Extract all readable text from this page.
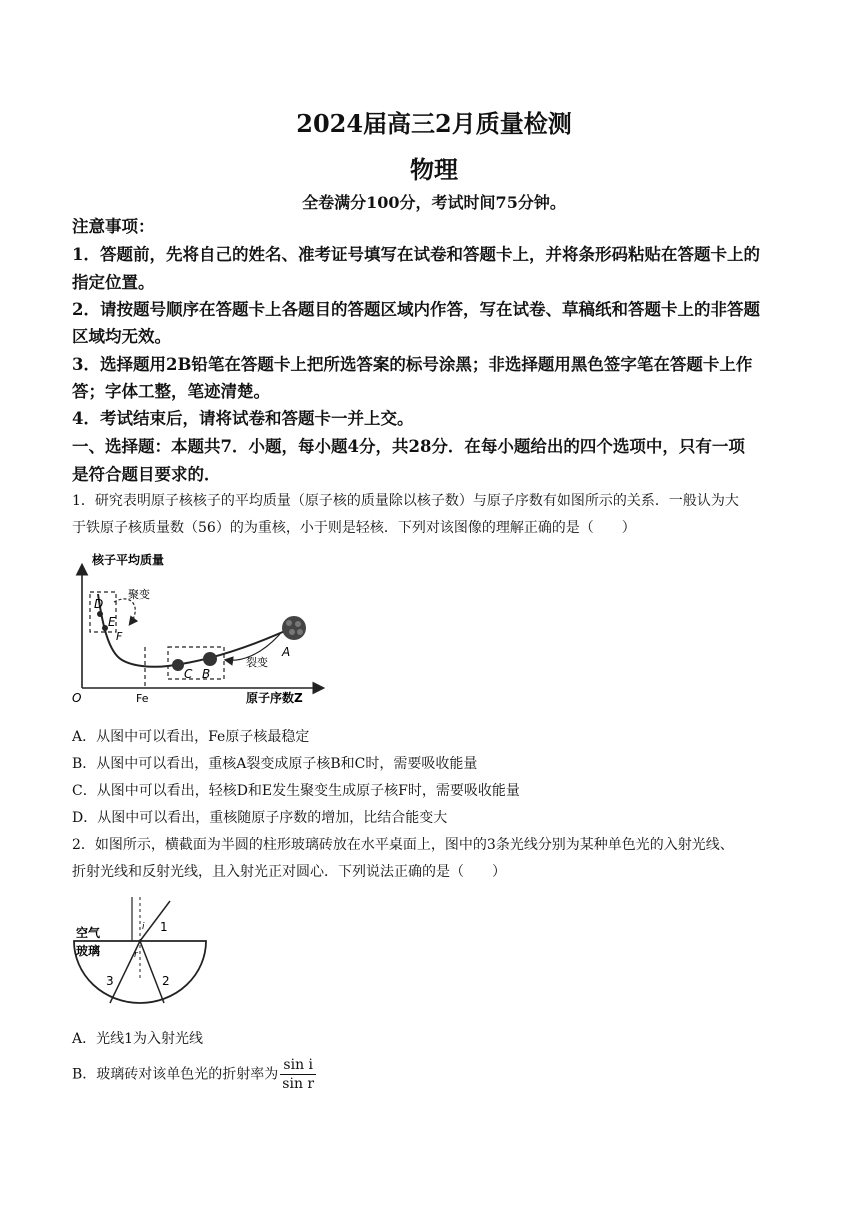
2024届高三2月质量检测
物理
全卷满分100分，考试时间75分钟。
注意事项：
1．答题前，先将自己的姓名、准考证号填写在试卷和答题卡上，并将条形码粘贴在答题卡上的
指定位置。
2．请按题号顺序在答题卡上各题目的答题区域内作答，写在试卷、草稿纸和答题卡上的非答题
区域均无效。
3．选择题用2B铅笔在答题卡上把所选答案的标号涂黑；非选择题用黑色签字笔在答题卡上作
答；字体工整，笔迹清楚。
4．考试结束后，请将试卷和答题卡一并上交。
一、选择题：本题共7．小题，每小题4分，共28分．在每小题给出的四个选项中，只有一项
是符合题目要求的．
1．研究表明原子核核子的平均质量（原子核的质量除以核子数）与原子序数有如图所示的关系．一般认为大
于铁原子核质量数（56）的为重核，小于则是轻核．下列对该图像的理解正确的是（　　）
核子平均质量
原子序数Z
O	Fe
聚变
裂变
D
E
F
C B
A
A．从图中可以看出，Fe原子核最稳定
B．从图中可以看出，重核A裂变成原子核B和C时，需要吸收能量
C．从图中可以看出，轻核D和E发生聚变生成原子核F时，需要吸收能量
D．从图中可以看出，重核随原子序数的增加，比结合能变大
2．如图所示，横截面为半圆的柱形玻璃砖放在水平桌面上，图中的3条光线分别为某种单色光的入射光线、
折射光线和反射光线，且入射光正对圆心．下列说法正确的是（　　）
空气
玻璃
1
2
3
i
r
A．光线1为入射光线
B．玻璃砖对该单色光的折射率为 $\frac{\text{sin i}}{\text{sin r}}$
